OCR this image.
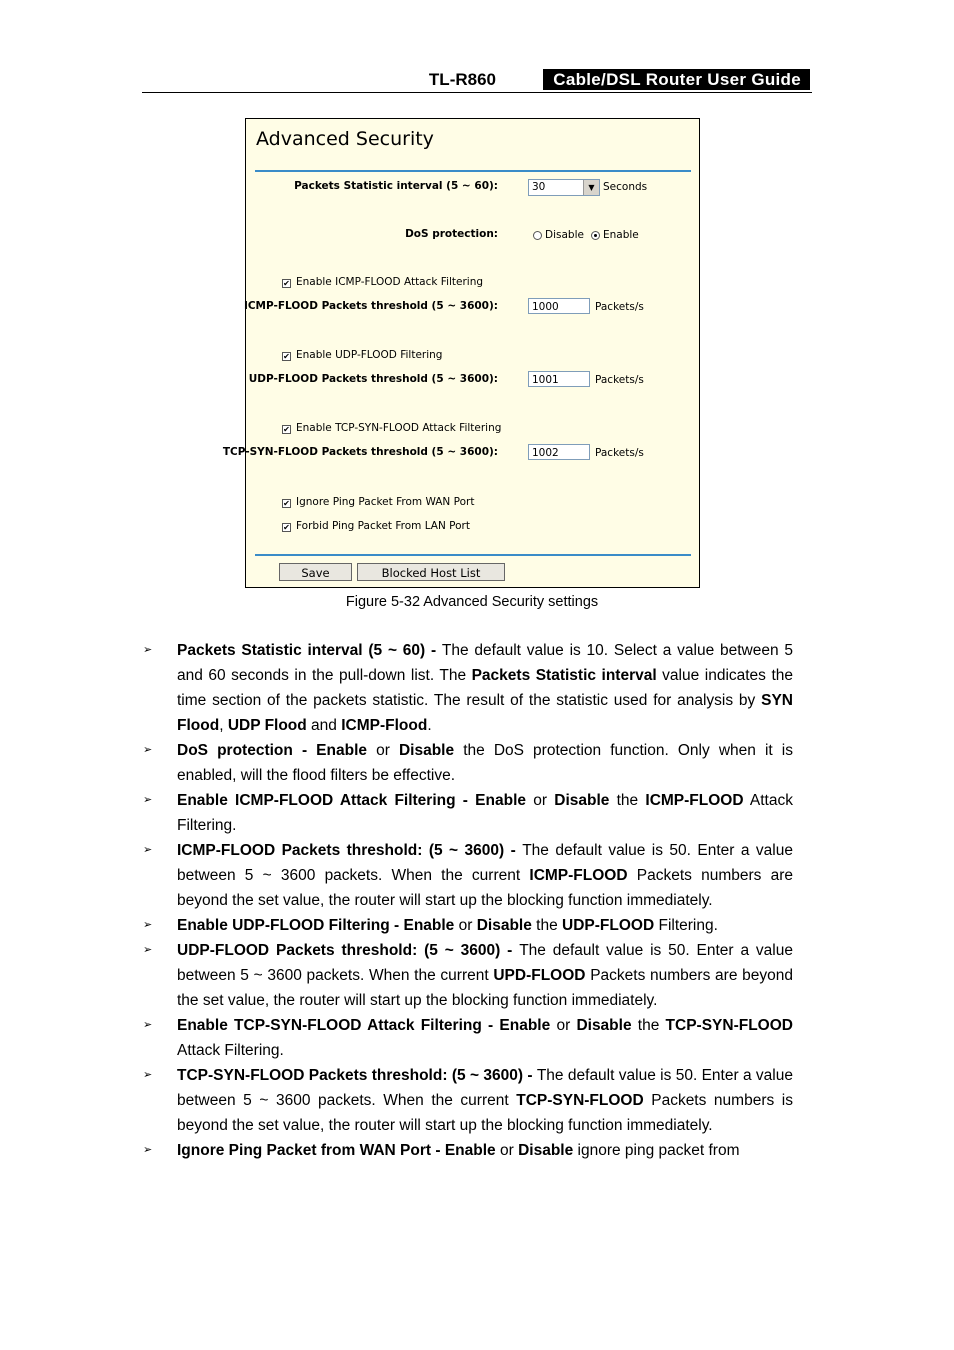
TL-R860	Cable/DSL Router User Guide
Advanced Security
Packets Statistic interval (5 ~ 60):	30	▼ Seconds
DoS protection:	Disable Enable
✔ Enable ICMP-FLOOD Attack Filtering
ICMP-FLOOD Packets threshold (5 ~ 3600):	1000	Packets/s
✔ Enable UDP-FLOOD Filtering
UDP-FLOOD Packets threshold (5 ~ 3600):	1001	Packets/s
✔ Enable TCP-SYN-FLOOD Attack Filtering
TCP-SYN-FLOOD Packets threshold (5 ~ 3600):	1002	Packets/s
✔ Ignore Ping Packet From WAN Port
✔ Forbid Ping Packet From LAN Port
Save	Blocked Host List
Figure 5-32 Advanced Security settings
➢ Packets Statistic interval (5 ~ 60) - The default value is 10. Select a value between 5 and 60 seconds in the pull-down list. The Packets Statistic interval value indicates the time section of the packets statistic. The result of the statistic used for analysis by SYN Flood, UDP Flood and ICMP-Flood.
➢ DoS protection - Enable or Disable the DoS protection function. Only when it is enabled, will the flood filters be effective.
➢ Enable ICMP-FLOOD Attack Filtering - Enable or Disable the ICMP-FLOOD Attack Filtering.
➢ ICMP-FLOOD Packets threshold: (5 ~ 3600) - The default value is 50. Enter a value between 5 ~ 3600 packets. When the current ICMP-FLOOD Packets numbers are beyond the set value, the router will start up the blocking function immediately.
➢ Enable UDP-FLOOD Filtering - Enable or Disable the UDP-FLOOD Filtering.
➢ UDP-FLOOD Packets threshold: (5 ~ 3600) - The default value is 50. Enter a value between 5 ~ 3600 packets. When the current UPD-FLOOD Packets numbers are beyond the set value, the router will start up the blocking function immediately.
➢ Enable TCP-SYN-FLOOD Attack Filtering - Enable or Disable the TCP-SYN-FLOOD Attack Filtering.
➢ TCP-SYN-FLOOD Packets threshold: (5 ~ 3600) - The default value is 50. Enter a value between 5 ~ 3600 packets. When the current TCP-SYN-FLOOD Packets numbers is beyond the set value, the router will start up the blocking function immediately.
➢ Ignore Ping Packet from WAN Port - Enable or Disable ignore ping packet from
